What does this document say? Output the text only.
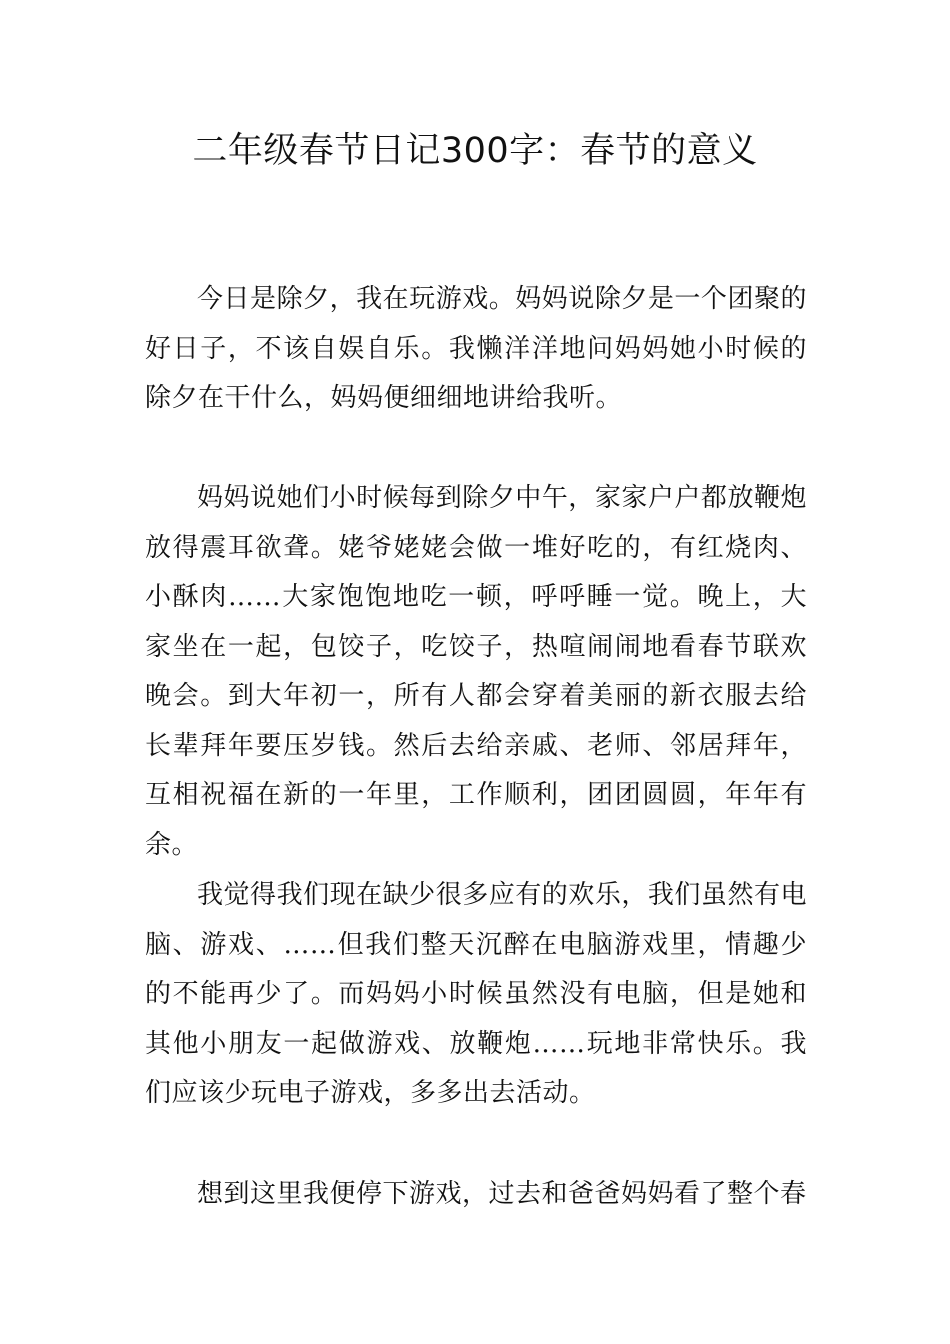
二年级春节日记300字：春节的意义

今日是除夕，我在玩游戏。妈妈说除夕是一个团聚的好日子，不该自娱自乐。我懒洋洋地问妈妈她小时候的除夕在干什么，妈妈便细细地讲给我听。

妈妈说她们小时候每到除夕中午，家家户户都放鞭炮放得震耳欲聋。姥爷姥姥会做一堆好吃的，有红烧肉、小酥肉……大家饱饱地吃一顿，呼呼睡一觉。晚上，大家坐在一起，包饺子，吃饺子，热喧闹闹地看春节联欢晚会。到大年初一，所有人都会穿着美丽的新衣服去给长辈拜年要压岁钱。然后去给亲戚、老师、邻居拜年，互相祝福在新的一年里，工作顺利，团团圆圆，年年有余。

我觉得我们现在缺少很多应有的欢乐，我们虽然有电脑、游戏、……但我们整天沉醉在电脑游戏里，情趣少的不能再少了。而妈妈小时候虽然没有电脑，但是她和其他小朋友一起做游戏、放鞭炮……玩地非常快乐。我们应该少玩电子游戏，多多出去活动。

想到这里我便停下游戏，过去和爸爸妈妈看了整个春
